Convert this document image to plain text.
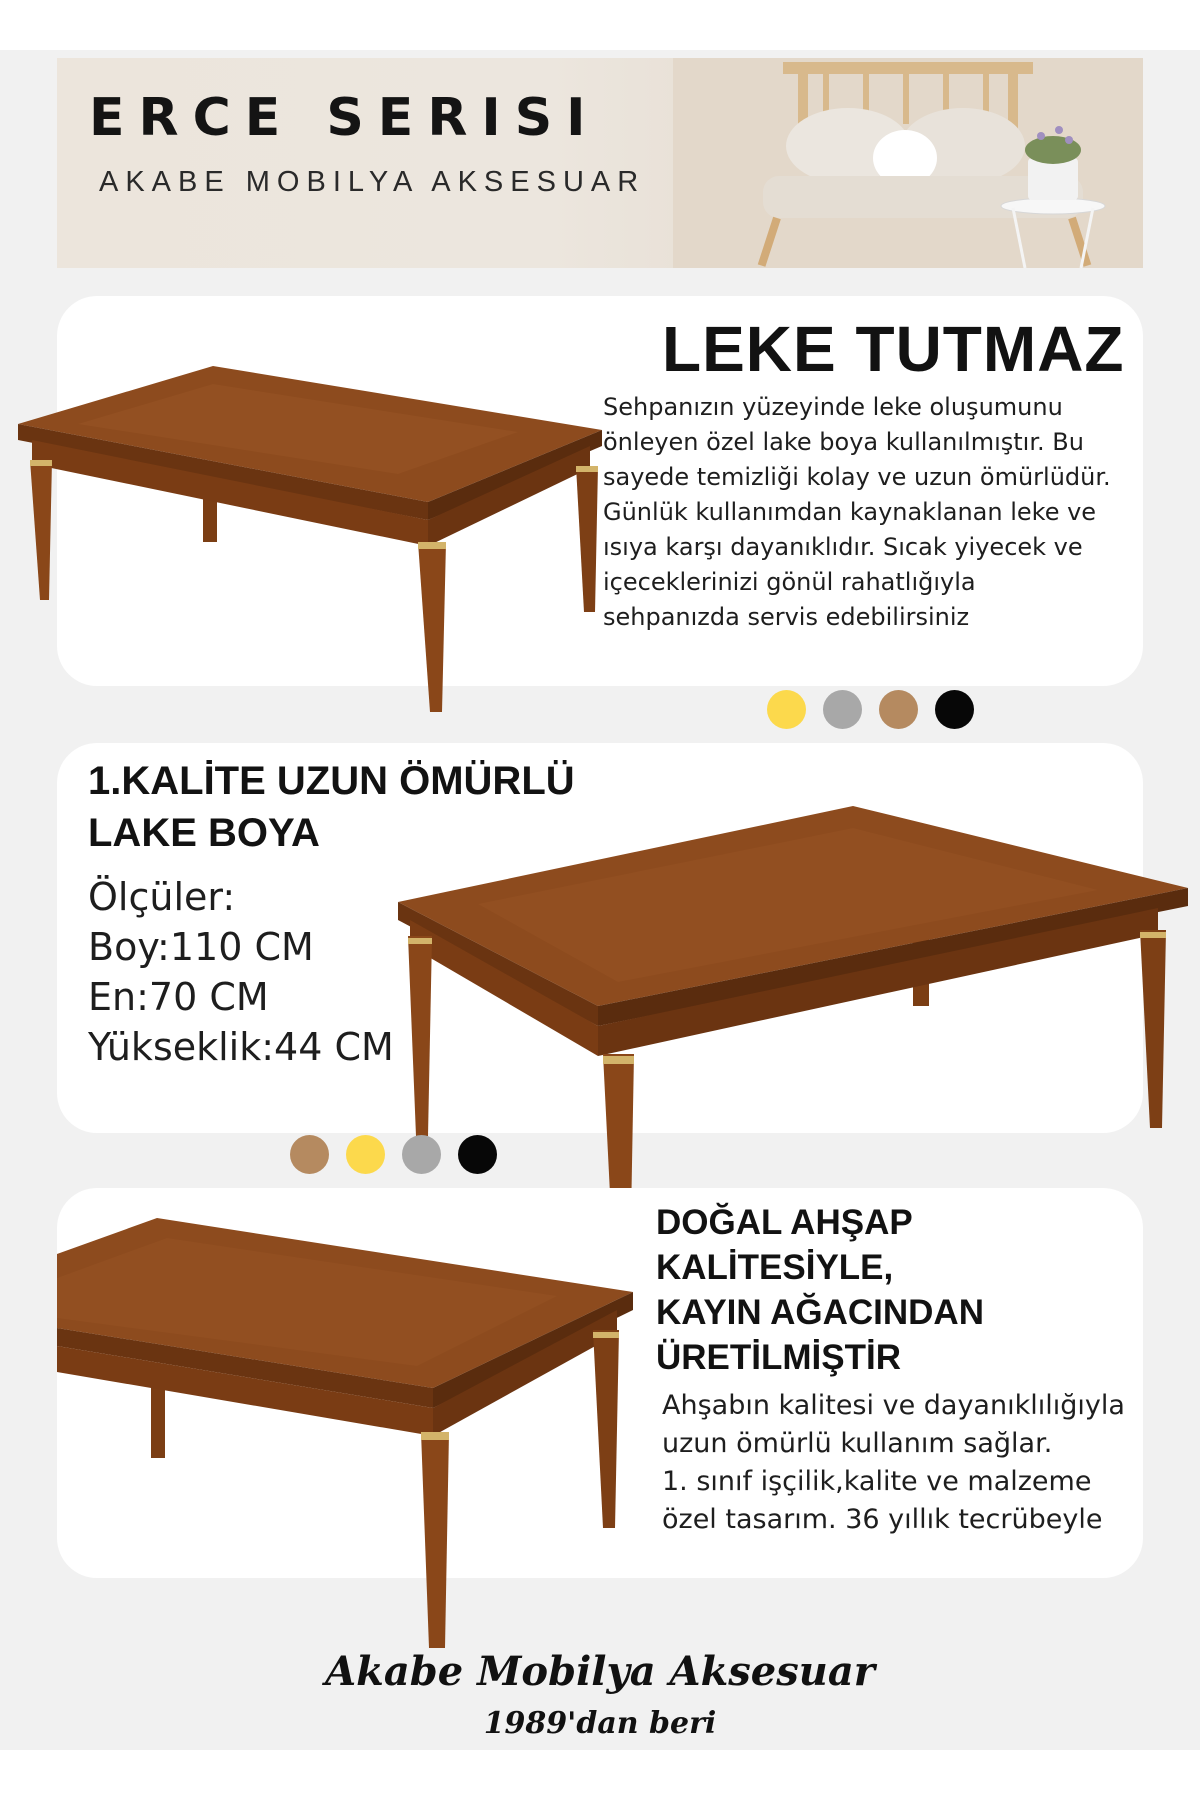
ERCE SERISI
AKABE MOBILYA AKSESUAR
LEKE TUTMAZ
Sehpanızın yüzeyinde leke oluşumunu
önleyen özel lake boya kullanılmıştır. Bu
sayede temizliği kolay ve uzun ömürlüdür.
Günlük kullanımdan kaynaklanan leke ve
ısıya karşı dayanıklıdır. Sıcak yiyecek ve
içeceklerinizi gönül rahatlığıyla
sehpanızda servis edebilirsiniz
1.KALİTE UZUN ÖMÜRLÜ
LAKE BOYA
Ölçüler:
Boy:110 CM
En:70 CM
Yükseklik:44 CM
DOĞAL AHŞAP
KALİTESİYLE,
KAYIN AĞACINDAN
ÜRETİLMİŞTİR
Ahşabın kalitesi ve dayanıklılığıyla
uzun ömürlü kullanım sağlar.
1. sınıf işçilik,kalite ve malzeme
özel tasarım. 36 yıllık tecrübeyle
Akabe Mobilya Aksesuar
1989'dan beri
